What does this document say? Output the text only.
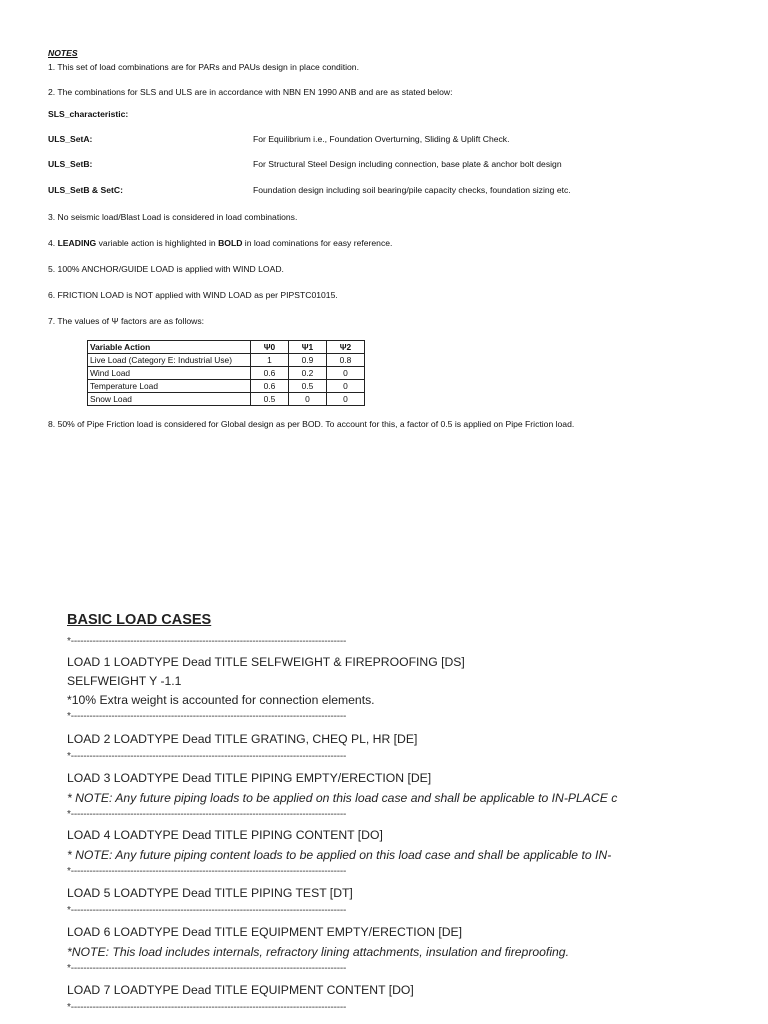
NOTES
1. This set of load combinations are for PARs and PAUs design in place condition.
2. The combinations for SLS and ULS are in accordance with NBN EN 1990 ANB and are as stated below:
SLS_characteristic:
ULS_SetA:	For Equilibrium i.e., Foundation Overturning, Sliding & Uplift Check.
ULS_SetB:	For Structural Steel Design including connection, base plate & anchor bolt design
ULS_SetB & SetC:	Foundation design including soil bearing/pile capacity checks, foundation sizing etc.
3. No seismic load/Blast Load is considered in load combinations.
4. LEADING variable action is highlighted in BOLD in load cominations for easy reference.
5. 100% ANCHOR/GUIDE LOAD is applied with WIND LOAD.
6. FRICTION LOAD is NOT applied with WIND LOAD as per PIPSTC01015.
7. The values of Ψ factors are as follows:
8. 50% of Pipe Friction load is considered for Global design as per BOD. To account for this, a factor of 0.5 is applied on Pipe Friction load.
Variable Action	Ψ0	Ψ1	Ψ2
Live Load (Category E: Industrial Use)	1	0.9	0.8
Wind Load	0.6	0.2	0
Temperature Load	0.6	0.5	0
Snow Load	0.5	0	0
BASIC LOAD CASES
*----------------------------------------------------------------------------------------
LOAD 1 LOADTYPE Dead TITLE SELFWEIGHT & FIREPROOFING [DS]
SELFWEIGHT Y -1.1
*10% Extra weight is accounted for connection elements.
*----------------------------------------------------------------------------------------
LOAD 2 LOADTYPE Dead TITLE GRATING, CHEQ PL, HR [DE]
*----------------------------------------------------------------------------------------
LOAD 3 LOADTYPE Dead TITLE PIPING EMPTY/ERECTION [DE]
* NOTE: Any future piping loads to be applied on this load case and shall be applicable to IN-PLACE c
*----------------------------------------------------------------------------------------
LOAD 4 LOADTYPE Dead TITLE PIPING CONTENT [DO]
* NOTE: Any future piping content loads to be applied on this load case and shall be applicable to IN-
*----------------------------------------------------------------------------------------
LOAD 5 LOADTYPE Dead TITLE PIPING TEST [DT]
*----------------------------------------------------------------------------------------
LOAD 6 LOADTYPE Dead TITLE EQUIPMENT EMPTY/ERECTION [DE]
*NOTE: This load includes internals, refractory lining attachments, insulation and fireproofing.
*----------------------------------------------------------------------------------------
LOAD 7 LOADTYPE Dead TITLE EQUIPMENT CONTENT [DO]
*----------------------------------------------------------------------------------------
